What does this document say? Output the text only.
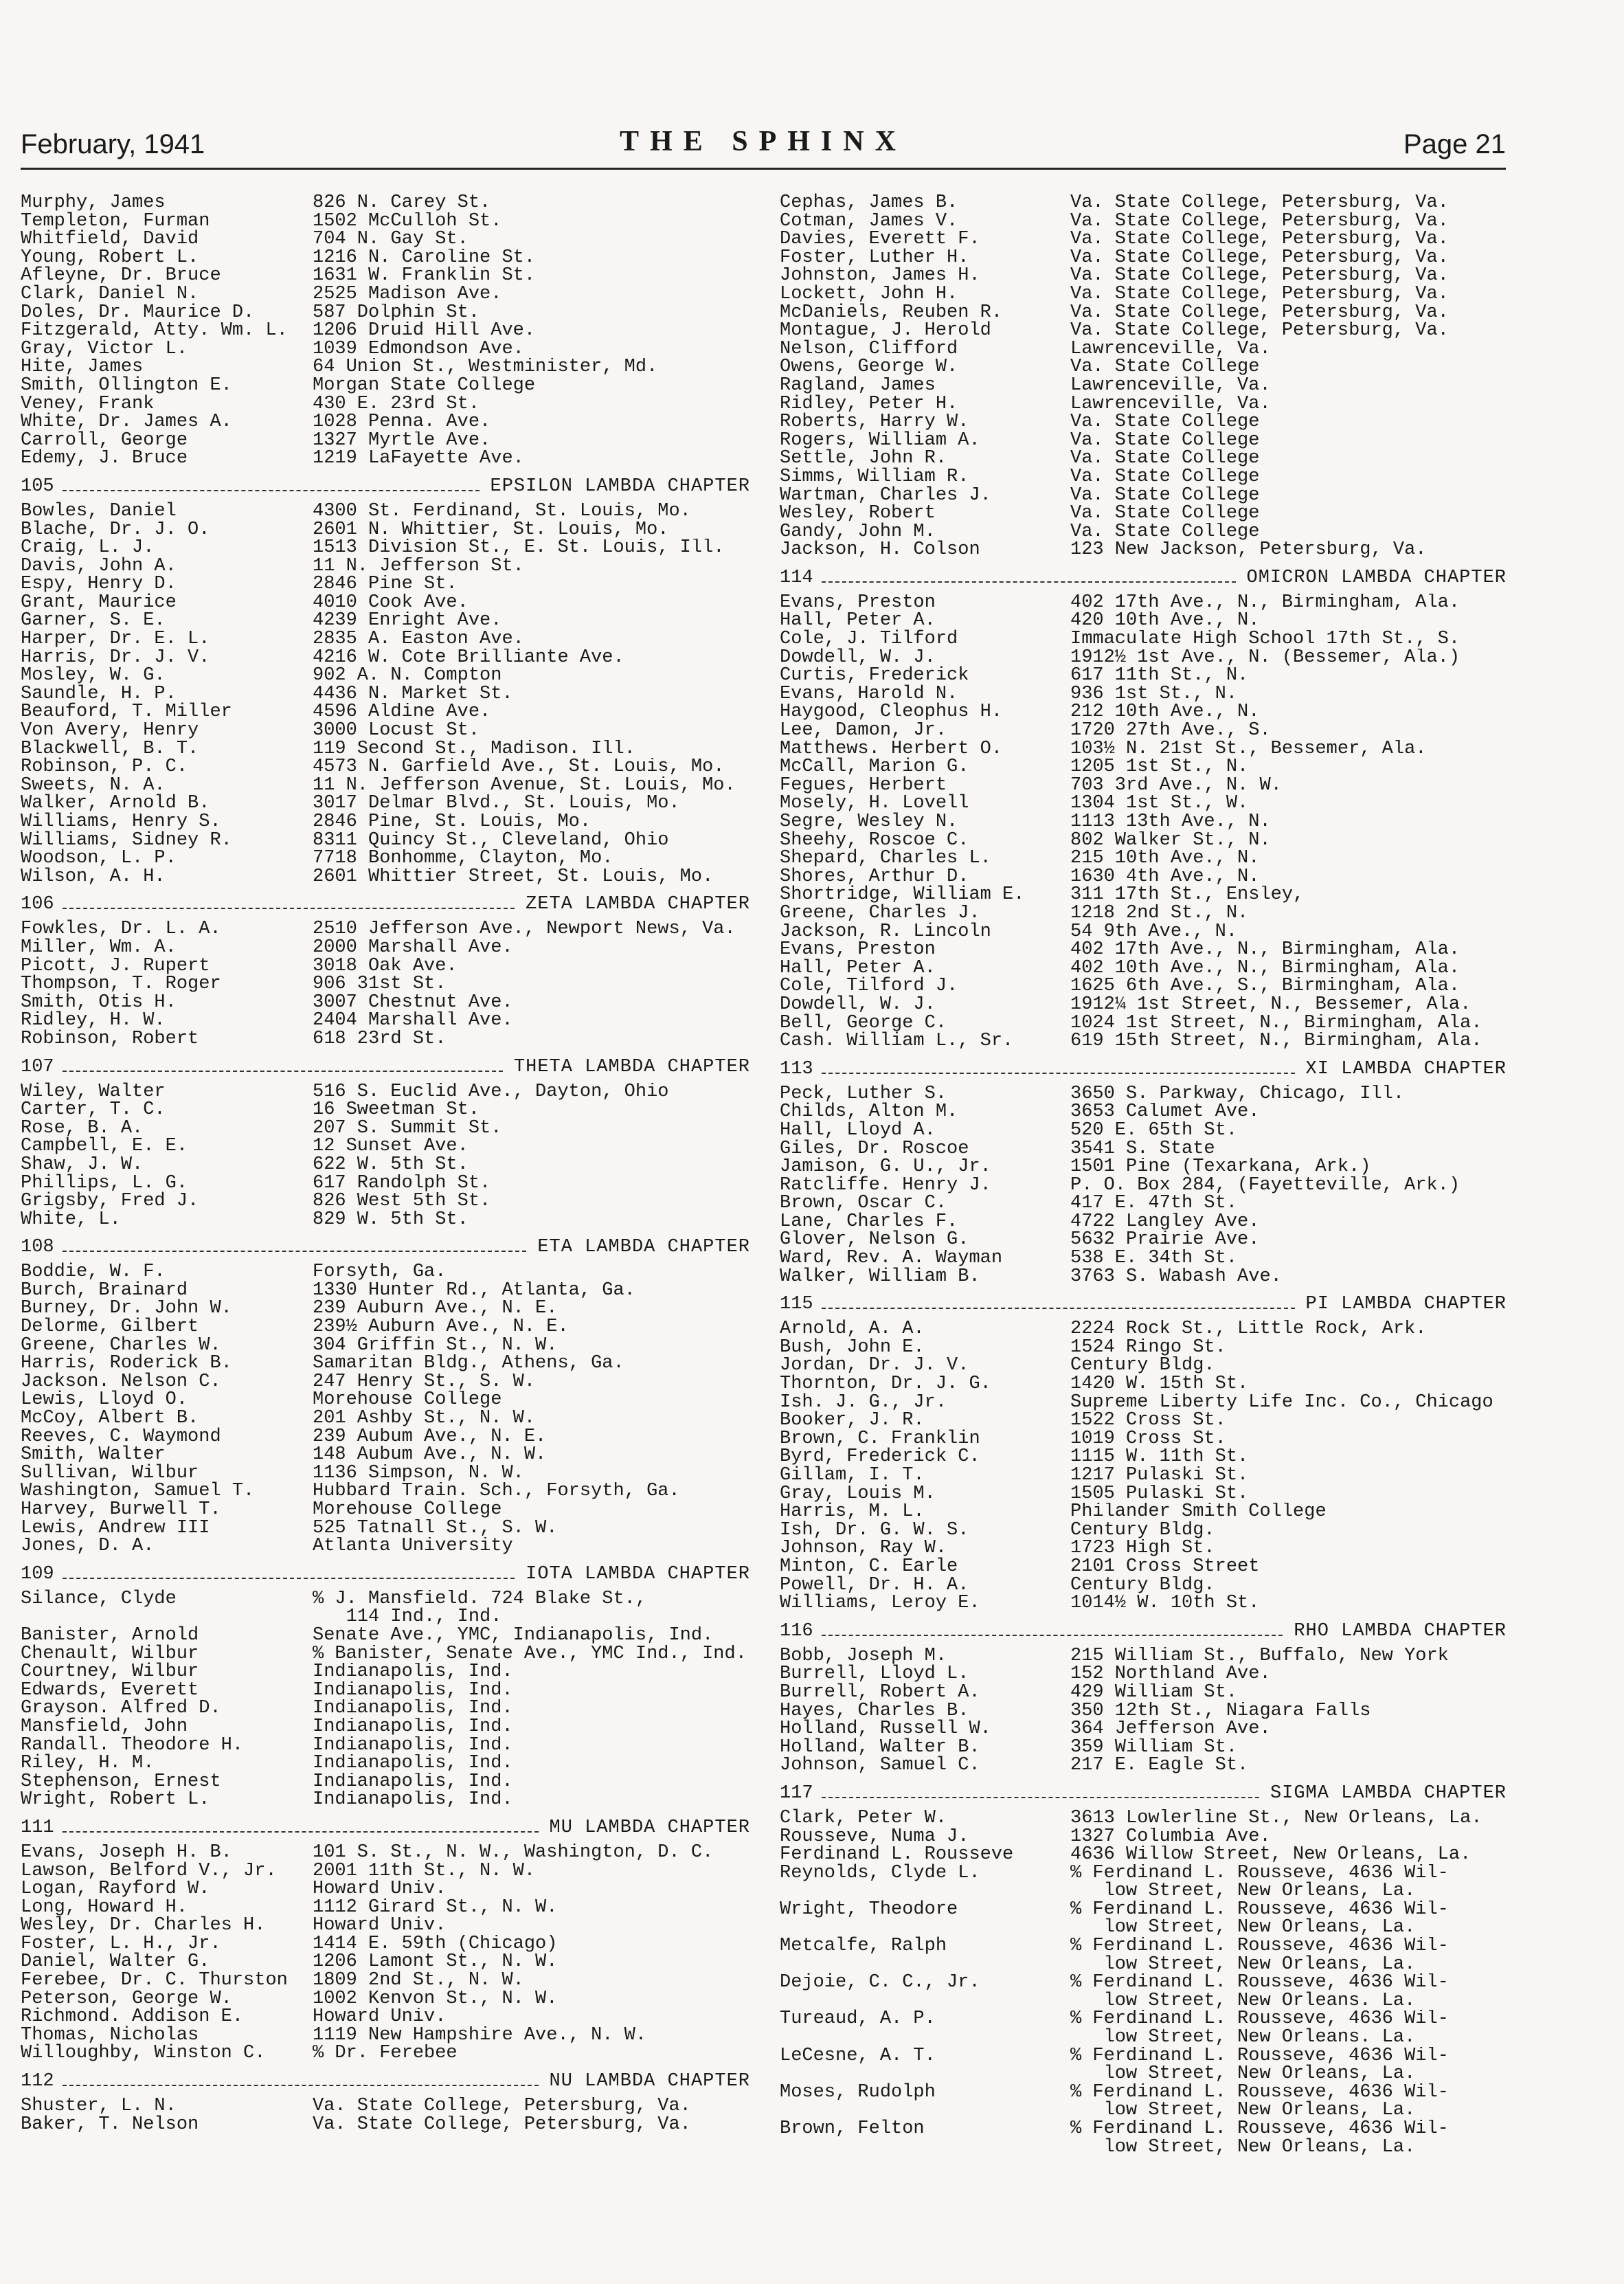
February, 1941	THE SPHINX	Page 21
Murphy, James	826 N. Carey St.
Templeton, Furman	1502 McCulloh St.
Whitfield, David	704 N. Gay St.
Young, Robert L.	1216 N. Caroline St.
Afleyne, Dr. Bruce	1631 W. Franklin St.
Clark, Daniel N.	2525 Madison Ave.
Doles, Dr. Maurice D.	587 Dolphin St.
Fitzgerald, Atty. Wm. L.	1206 Druid Hill Ave.
Gray, Victor L.	1039 Edmondson Ave.
Hite, James	64 Union St., Westminister, Md.
Smith, Ollington E.	Morgan State College
Veney, Frank	430 E. 23rd St.
White, Dr. James A.	1028 Penna. Ave.
Carroll, George	1327 Myrtle Ave.
Edemy, J. Bruce	1219 LaFayette Ave.
105	EPSILON LAMBDA CHAPTER
Bowles, Daniel	4300 St. Ferdinand, St. Louis, Mo.
Blache, Dr. J. O.	2601 N. Whittier, St. Louis, Mo.
Craig, L. J.	1513 Division St., E. St. Louis, Ill.
Davis, John A.	11 N. Jefferson St.
Espy, Henry D.	2846 Pine St.
Grant, Maurice	4010 Cook Ave.
Garner, S. E.	4239 Enright Ave.
Harper, Dr. E. L.	2835 A. Easton Ave.
Harris, Dr. J. V.	4216 W. Cote Brilliante Ave.
Mosley, W. G.	902 A. N. Compton
Saundle, H. P.	4436 N. Market St.
Beauford, T. Miller	4596 Aldine Ave.
Von Avery, Henry	3000 Locust St.
Blackwell, B. T.	119 Second St., Madison. Ill.
Robinson, P. C.	4573 N. Garfield Ave., St. Louis, Mo.
Sweets, N. A.	11 N. Jefferson Avenue, St. Louis, Mo.
Walker, Arnold B.	3017 Delmar Blvd., St. Louis, Mo.
Williams, Henry S.	2846 Pine, St. Louis, Mo.
Williams, Sidney R.	8311 Quincy St., Cleveland, Ohio
Woodson, L. P.	7718 Bonhomme, Clayton, Mo.
Wilson, A. H.	2601 Whittier Street, St. Louis, Mo.
106	ZETA LAMBDA CHAPTER
Fowkles, Dr. L. A.	2510 Jefferson Ave., Newport News, Va.
Miller, Wm. A.	2000 Marshall Ave.
Picott, J. Rupert	3018 Oak Ave.
Thompson, T. Roger	906 31st St.
Smith, Otis H.	3007 Chestnut Ave.
Ridley, H. W.	2404 Marshall Ave.
Robinson, Robert	618 23rd St.
107	THETA LAMBDA CHAPTER
Wiley, Walter	516 S. Euclid Ave., Dayton, Ohio
Carter, T. C.	16 Sweetman St.
Rose, B. A.	207 S. Summit St.
Campbell, E. E.	12 Sunset Ave.
Shaw, J. W.	622 W. 5th St.
Phillips, L. G.	617 Randolph St.
Grigsby, Fred J.	826 West 5th St.
White, L.	829 W. 5th St.
108	ETA LAMBDA CHAPTER
Boddie, W. F.	Forsyth, Ga.
Burch, Brainard	1330 Hunter Rd., Atlanta, Ga.
Burney, Dr. John W.	239 Auburn Ave., N. E.
Delorme, Gilbert	239½ Auburn Ave., N. E.
Greene, Charles W.	304 Griffin St., N. W.
Harris, Roderick B.	Samaritan Bldg., Athens, Ga.
Jackson. Nelson C.	247 Henry St., S. W.
Lewis, Lloyd O.	Morehouse College
McCoy, Albert B.	201 Ashby St., N. W.
Reeves, C. Waymond	239 Aubum Ave., N. E.
Smith, Walter	148 Aubum Ave., N. W.
Sullivan, Wilbur	1136 Simpson, N. W.
Washington, Samuel T.	Hubbard Train. Sch., Forsyth, Ga.
Harvey, Burwell T.	Morehouse College
Lewis, Andrew III	525 Tatnall St., S. W.
Jones, D. A.	Atlanta University
109	IOTA LAMBDA CHAPTER
Silance, Clyde	% J. Mansfield. 724 Blake St.,
114 Ind., Ind.
Banister, Arnold	Senate Ave., YMC, Indianapolis, Ind.
Chenault, Wilbur	% Banister, Senate Ave., YMC Ind., Ind.
Courtney, Wilbur	Indianapolis, Ind.
Edwards, Everett	Indianapolis, Ind.
Grayson. Alfred D.	Indianapolis, Ind.
Mansfield, John	Indianapolis, Ind.
Randall. Theodore H.	Indianapolis, Ind.
Riley, H. M.	Indianapolis, Ind.
Stephenson, Ernest	Indianapolis, Ind.
Wright, Robert L.	Indianapolis, Ind.
111	MU LAMBDA CHAPTER
Evans, Joseph H. B.	101 S. St., N. W., Washington, D. C.
Lawson, Belford V., Jr.	2001 11th St., N. W.
Logan, Rayford W.	Howard Univ.
Long, Howard H.	1112 Girard St., N. W.
Wesley, Dr. Charles H.	Howard Univ.
Foster, L. H., Jr.	1414 E. 59th (Chicago)
Daniel, Walter G.	1206 Lamont St., N. W.
Ferebee, Dr. C. Thurston	1809 2nd St., N. W.
Peterson, George W.	1002 Kenvon St., N. W.
Richmond. Addison E.	Howard Univ.
Thomas, Nicholas	1119 New Hampshire Ave., N. W.
Willoughby, Winston C.	% Dr. Ferebee
112	NU LAMBDA CHAPTER
Shuster, L. N.	Va. State College, Petersburg, Va.
Baker, T. Nelson	Va. State College, Petersburg, Va.
Cephas, James B.	Va. State College, Petersburg, Va.
Cotman, James V.	Va. State College, Petersburg, Va.
Davies, Everett F.	Va. State College, Petersburg, Va.
Foster, Luther H.	Va. State College, Petersburg, Va.
Johnston, James H.	Va. State College, Petersburg, Va.
Lockett, John H.	Va. State College, Petersburg, Va.
McDaniels, Reuben R.	Va. State College, Petersburg, Va.
Montague, J. Herold	Va. State College, Petersburg, Va.
Nelson, Clifford	Lawrenceville, Va.
Owens, George W.	Va. State College
Ragland, James	Lawrenceville, Va.
Ridley, Peter H.	Lawrenceville, Va.
Roberts, Harry W.	Va. State College
Rogers, William A.	Va. State College
Settle, John R.	Va. State College
Simms, William R.	Va. State College
Wartman, Charles J.	Va. State College
Wesley, Robert	Va. State College
Gandy, John M.	Va. State College
Jackson, H. Colson	123 New Jackson, Petersburg, Va.
114	OMICRON LAMBDA CHAPTER
Evans, Preston	402 17th Ave., N., Birmingham, Ala.
Hall, Peter A.	420 10th Ave., N.
Cole, J. Tilford	Immaculate High School 17th St., S.
Dowdell, W. J.	1912½ 1st Ave., N. (Bessemer, Ala.)
Curtis, Frederick	617 11th St., N.
Evans, Harold N.	936 1st St., N.
Haygood, Cleophus H.	212 10th Ave., N.
Lee, Damon, Jr.	1720 27th Ave., S.
Matthews. Herbert O.	103½ N. 21st St., Bessemer, Ala.
McCall, Marion G.	1205 1st St., N.
Fegues, Herbert	703 3rd Ave., N. W.
Mosely, H. Lovell	1304 1st St., W.
Segre, Wesley N.	1113 13th Ave., N.
Sheehy, Roscoe C.	802 Walker St., N.
Shepard, Charles L.	215 10th Ave., N.
Shores, Arthur D.	1630 4th Ave., N.
Shortridge, William E.	311 17th St., Ensley,
Greene, Charles J.	1218 2nd St., N.
Jackson, R. Lincoln	54 9th Ave., N.
Evans, Preston	402 17th Ave., N., Birmingham, Ala.
Hall, Peter A.	402 10th Ave., N., Birmingham, Ala.
Cole, Tilford J.	1625 6th Ave., S., Birmingham, Ala.
Dowdell, W. J.	1912¼ 1st Street, N., Bessemer, Ala.
Bell, George C.	1024 1st Street, N., Birmingham, Ala.
Cash. William L., Sr.	619 15th Street, N., Birmingham, Ala.
113	XI LAMBDA CHAPTER
Peck, Luther S.	3650 S. Parkway, Chicago, Ill.
Childs, Alton M.	3653 Calumet Ave.
Hall, Lloyd A.	520 E. 65th St.
Giles, Dr. Roscoe	3541 S. State
Jamison, G. U., Jr.	1501 Pine (Texarkana, Ark.)
Ratcliffe. Henry J.	P. O. Box 284, (Fayetteville, Ark.)
Brown, Oscar C.	417 E. 47th St.
Lane, Charles F.	4722 Langley Ave.
Glover, Nelson G.	5632 Prairie Ave.
Ward, Rev. A. Wayman	538 E. 34th St.
Walker, William B.	3763 S. Wabash Ave.
115	PI LAMBDA CHAPTER
Arnold, A. A.	2224 Rock St., Little Rock, Ark.
Bush, John E.	1524 Ringo St.
Jordan, Dr. J. V.	Century Bldg.
Thornton, Dr. J. G.	1420 W. 15th St.
Ish. J. G., Jr.	Supreme Liberty Life Inc. Co., Chicago
Booker, J. R.	1522 Cross St.
Brown, C. Franklin	1019 Cross St.
Byrd, Frederick C.	1115 W. 11th St.
Gillam, I. T.	1217 Pulaski St.
Gray, Louis M.	1505 Pulaski St.
Harris, M. L.	Philander Smith College
Ish, Dr. G. W. S.	Century Bldg.
Johnson, Ray W.	1723 High St.
Minton, C. Earle	2101 Cross Street
Powell, Dr. H. A.	Century Bldg.
Williams, Leroy E.	1014½ W. 10th St.
116	RHO LAMBDA CHAPTER
Bobb, Joseph M.	215 William St., Buffalo, New York
Burrell, Lloyd L.	152 Northland Ave.
Burrell, Robert A.	429 William St.
Hayes, Charles B.	350 12th St., Niagara Falls
Holland, Russell W.	364 Jefferson Ave.
Holland, Walter B.	359 William St.
Johnson, Samuel C.	217 E. Eagle St.
117	SIGMA LAMBDA CHAPTER
Clark, Peter W.	3613 Lowlerline St., New Orleans, La.
Rousseve, Numa J.	1327 Columbia Ave.
Ferdinand L. Rousseve	4636 Willow Street, New Orleans, La.
Reynolds, Clyde L.	% Ferdinand L. Rousseve, 4636 Wil-
low Street, New Orleans, La.
Wright, Theodore	% Ferdinand L. Rousseve, 4636 Wil-
low Street, New Orleans, La.
Metcalfe, Ralph	% Ferdinand L. Rousseve, 4636 Wil-
low Street, New Orleans, La.
Dejoie, C. C., Jr.	% Ferdinand L. Rousseve, 4636 Wil-
low Street, New Orleans. La.
Tureaud, A. P.	% Ferdinand L. Rousseve, 4636 Wil-
low Street, New Orleans. La.
LeCesne, A. T.	% Ferdinand L. Rousseve, 4636 Wil-
low Street, New Orleans, La.
Moses, Rudolph	% Ferdinand L. Rousseve, 4636 Wil-
low Street, New Orleans, La.
Brown, Felton	% Ferdinand L. Rousseve, 4636 Wil-
low Street, New Orleans, La.
